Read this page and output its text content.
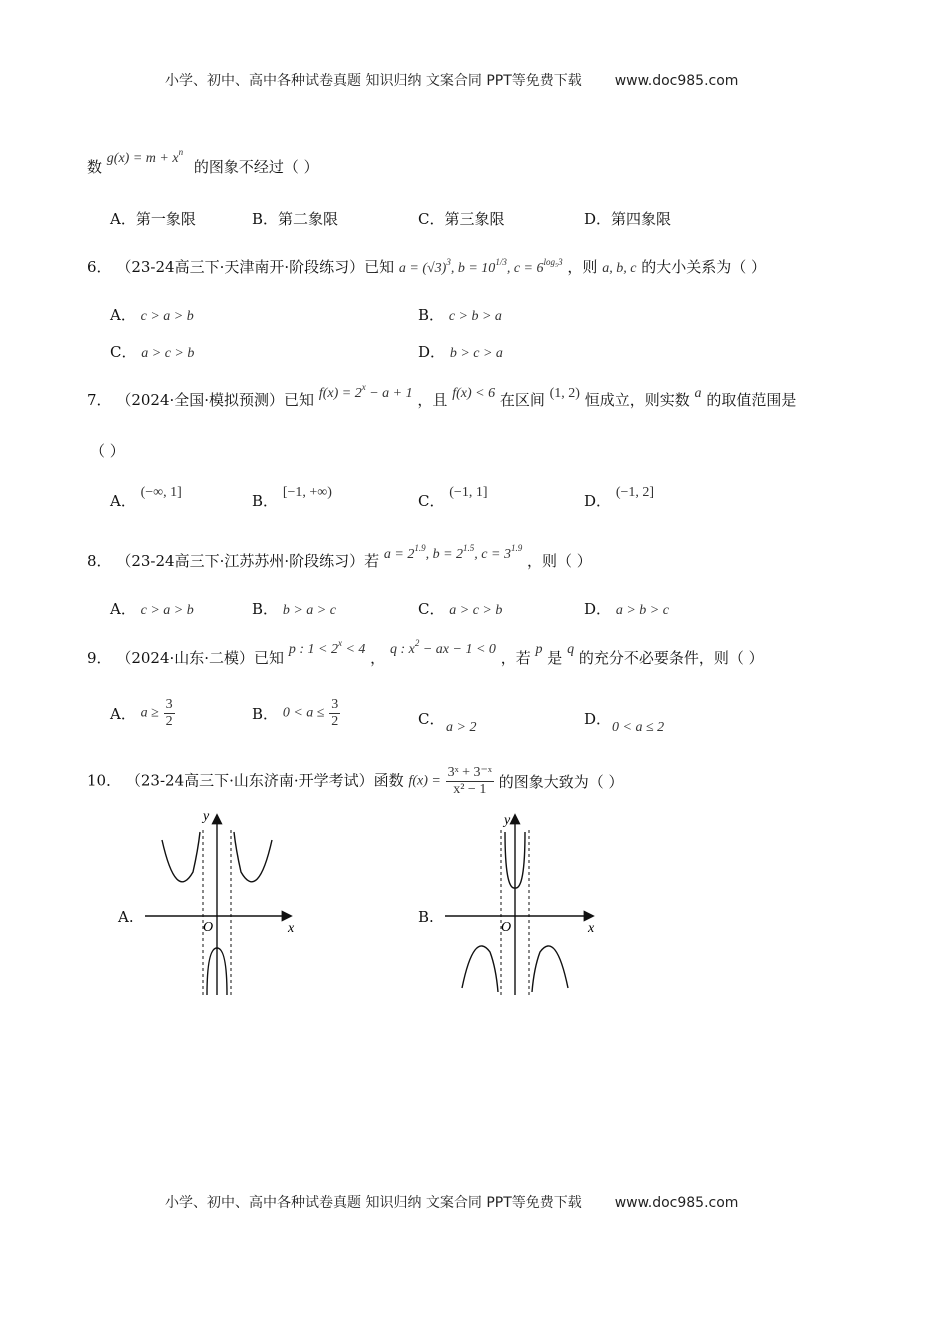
小学、初中、高中各种试卷真题 知识归纳 文案合同 PPT等免费下载 www.doc985.com
数 $g(x) = m + x^n$ 的图象不经过（ ）
A．第一象限	B．第二象限	C．第三象限	D．第四象限
6． （23-24高三下·天津南开·阶段练习）已知 $a = (√3)^3$, $b = 10^{1/3}$, $c = 6^{log_53}$ ，则 a, b, c 的大小关系为（ ）
A． c > a > b	B． c > b > a
C． a > c > b	D． b > c > a
7． （2024·全国·模拟预测）已知 $f(x) = 2^x - a + 1$ ，且 f(x) < 6 在区间 (1, 2) 恒成立，则实数 a 的取值范围是
（ ）
A． (−∞, 1]	B． [−1, +∞)	C． (−1, 1]	D． (−1, 2]
8． （23-24高三下·江苏苏州·阶段练习）若 $a = 2^{1.9}$, $b = 2^{1.5}$, $c = 3^{1.9}$ ，则（ ）
A． c > a > b	B． b > a > c	C． a > c > b	D． a > b > c
9． （2024·山东·二模）已知 p : $1 < 2^x < 4$ ， q : $x^2$ − ax − 1 < 0 ，若 p 是 q 的充分不必要条件，则（ ）
A． $a \ge \frac{3}{2}$	B． $0 < a \le \frac{3}{2}$	C． a > 2	D． 0 < a ≤ 2
10． （23-24高三下·山东济南·开学考试）函数 $f(x) = \frac{\text{3ˣ + 3⁻ˣ}}{\text{x² − 1}}$ 的图象大致为（ ）
A.
y
x
O
B.
y
x
O
小学、初中、高中各种试卷真题 知识归纳 文案合同 PPT等免费下载 www.doc985.com
